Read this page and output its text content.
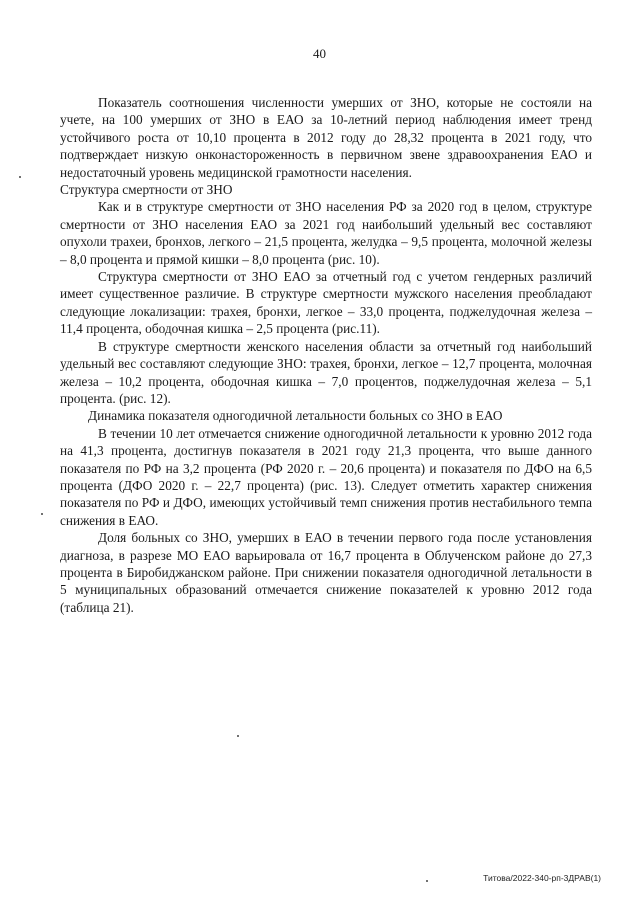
40

Показатель соотношения численности умерших от ЗНО, которые не состояли на учете, на 100 умерших от ЗНО в ЕАО за 10-летний период наблюдения имеет тренд устойчивого роста от 10,10 процента в 2012 году до 28,32 процента в 2021 году, что подтверждает низкую онконастороженность в первичном звене здравоохранения ЕАО и недостаточный уровень медицинской грамотности населения.

Структура смертности от ЗНО

Как и в структуре смертности от ЗНО населения РФ за 2020 год в целом, структуре смертности от ЗНО населения ЕАО за 2021 год наибольший удельный вес составляют опухоли трахеи, бронхов, легкого – 21,5 процента, желудка – 9,5 процента, молочной железы – 8,0 процента и прямой кишки – 8,0 процента (рис. 10).

Структура смертности от ЗНО ЕАО за отчетный год с учетом гендерных различий имеет существенное различие. В структуре смертности мужского населения преобладают следующие локализации: трахея, бронхи, легкое – 33,0 процента, поджелудочная железа – 11,4 процента, ободочная кишка – 2,5 процента (рис.11).

В структуре смертности женского населения области за отчетный год наибольший удельный вес составляют следующие ЗНО: трахея, бронхи, легкое – 12,7 процента, молочная железа – 10,2 процента, ободочная кишка – 7,0 процентов, поджелудочная железа – 5,1 процента. (рис. 12).

Динамика показателя одногодичной летальности больных со ЗНО в ЕАО

В течении 10 лет отмечается снижение одногодичной летальности к уровню 2012 года на 41,3 процента, достигнув показателя в 2021 году 21,3 процента, что выше данного показателя по РФ на 3,2 процента (РФ 2020 г. – 20,6 процента) и показателя по ДФО на 6,5 процента (ДФО 2020 г. – 22,7 процента) (рис. 13). Следует отметить характер снижения показателя по РФ и ДФО, имеющих устойчивый темп снижения против нестабильного темпа снижения в ЕАО.

Доля больных со ЗНО, умерших в ЕАО в течении первого года после установления диагноза, в разрезе МО ЕАО варьировала от 16,7 процента в Облученском районе до 27,3 процента в Биробиджанском районе. При снижении показателя одногодичной летальности в 5 муниципальных образований отмечается снижение показателей к уровню 2012 года (таблица 21).

Титова/2022-340-рп-3ДРАВ(1)
